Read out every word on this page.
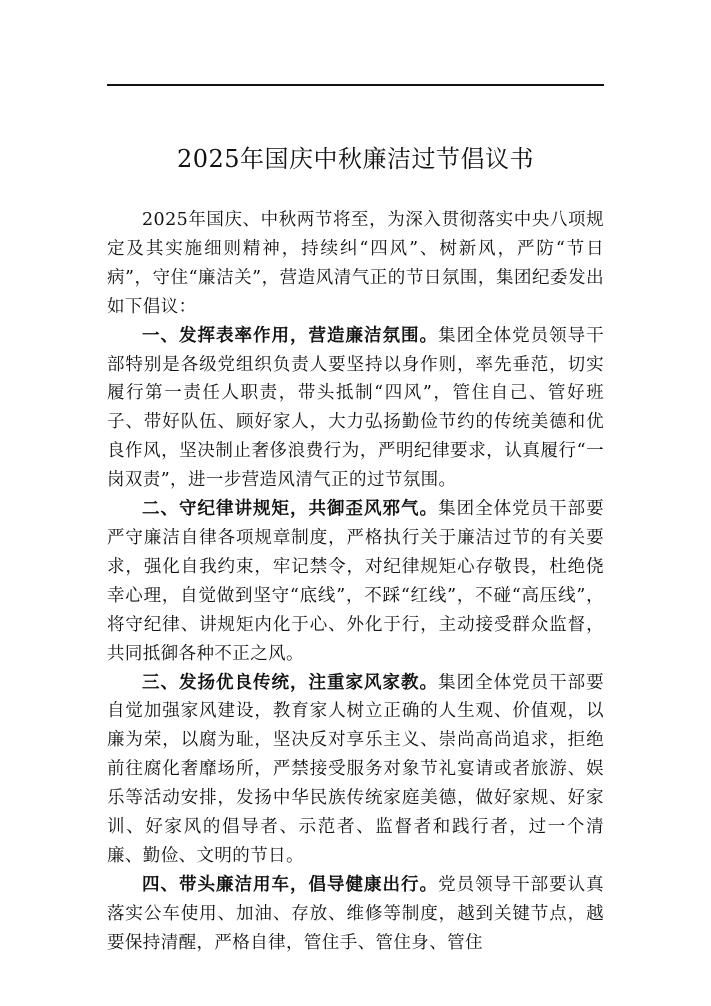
2025年国庆中秋廉洁过节倡议书

2025年国庆、中秋两节将至，为深入贯彻落实中央八项规定及其实施细则精神，持续纠“四风”、树新风，严防“节日病”，守住“廉洁关”，营造风清气正的节日氛围，集团纪委发出如下倡议：

一、发挥表率作用，营造廉洁氛围。集团全体党员领导干部特别是各级党组织负责人要坚持以身作则，率先垂范，切实履行第一责任人职责，带头抵制“四风”，管住自己、管好班子、带好队伍、顾好家人，大力弘扬勤俭节约的传统美德和优良作风，坚决制止奢侈浪费行为，严明纪律要求，认真履行“一岗双责”，进一步营造风清气正的过节氛围。

二、守纪律讲规矩，共御歪风邪气。集团全体党员干部要严守廉洁自律各项规章制度，严格执行关于廉洁过节的有关要求，强化自我约束，牢记禁令，对纪律规矩心存敬畏，杜绝侥幸心理，自觉做到坚守“底线”，不踩“红线”，不碰“高压线”，将守纪律、讲规矩内化于心、外化于行，主动接受群众监督，共同抵御各种不正之风。

三、发扬优良传统，注重家风家教。集团全体党员干部要自觉加强家风建设，教育家人树立正确的人生观、价值观，以廉为荣，以腐为耻，坚决反对享乐主义、崇尚高尚追求，拒绝前往腐化奢靡场所，严禁接受服务对象节礼宴请或者旅游、娱乐等活动安排，发扬中华民族传统家庭美德，做好家规、好家训、好家风的倡导者、示范者、监督者和践行者，过一个清廉、勤俭、文明的节日。

四、带头廉洁用车，倡导健康出行。党员领导干部要认真落实公车使用、加油、存放、维修等制度，越到关键节点，越要保持清醒，严格自律，管住手、管住身、管住
